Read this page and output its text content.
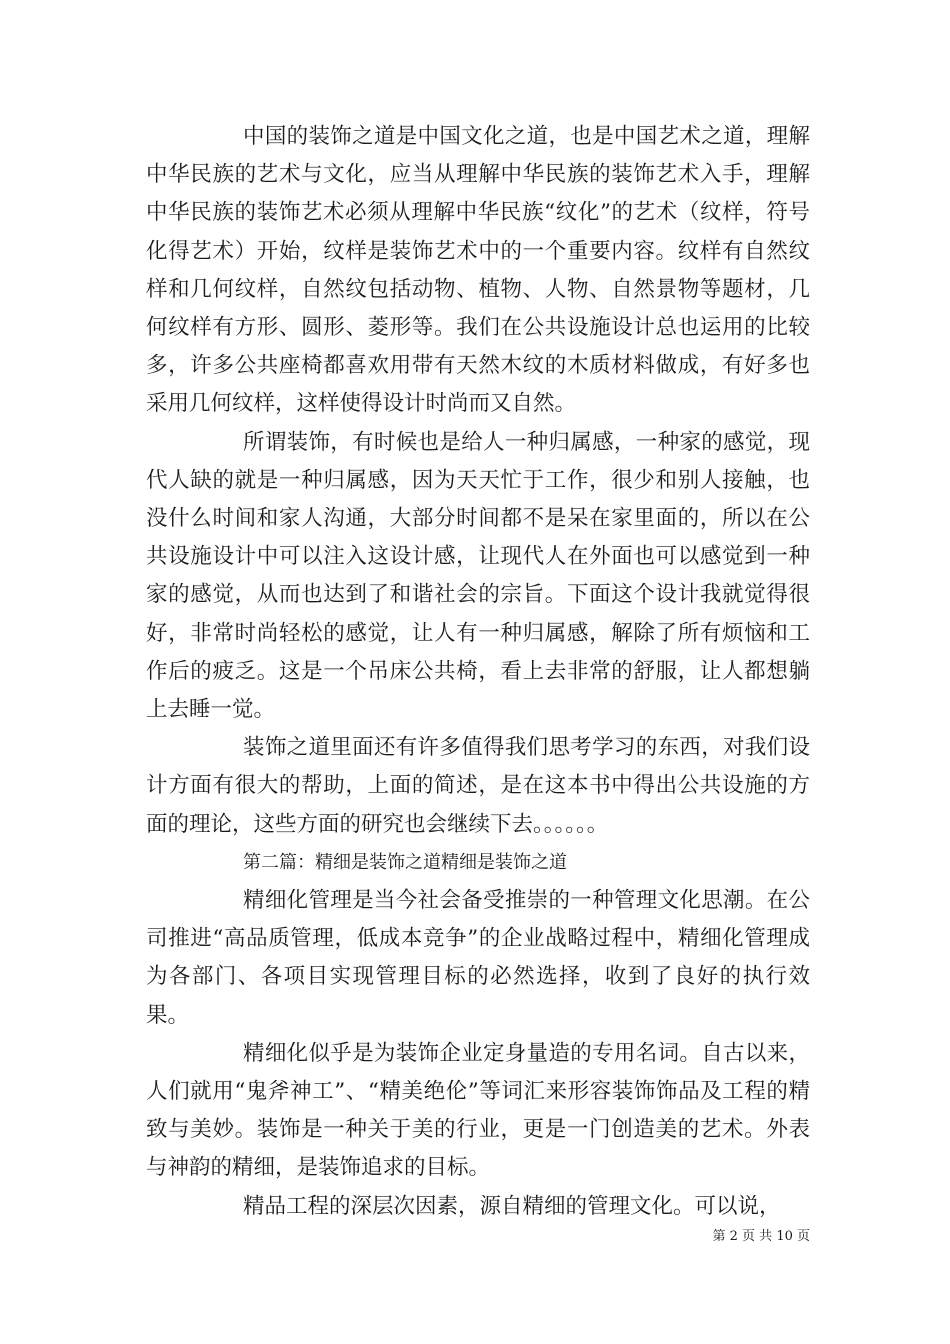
中国的装饰之道是中国文化之道，也是中国艺术之道，理解中华民族的艺术与文化，应当从理解中华民族的装饰艺术入手，理解中华民族的装饰艺术必须从理解中华民族“纹化”的艺术（纹样，符号化得艺术）开始，纹样是装饰艺术中的一个重要内容。纹样有自然纹样和几何纹样，自然纹包括动物、植物、人物、自然景物等题材，几何纹样有方形、圆形、菱形等。我们在公共设施设计总也运用的比较多，许多公共座椅都喜欢用带有天然木纹的木质材料做成，有好多也采用几何纹样，这样使得设计时尚而又自然。

所谓装饰，有时候也是给人一种归属感，一种家的感觉，现代人缺的就是一种归属感，因为天天忙于工作，很少和别人接触，也没什么时间和家人沟通，大部分时间都不是呆在家里面的，所以在公共设施设计中可以注入这设计感，让现代人在外面也可以感觉到一种家的感觉，从而也达到了和谐社会的宗旨。下面这个设计我就觉得很好，非常时尚轻松的感觉，让人有一种归属感，解除了所有烦恼和工作后的疲乏。这是一个吊床公共椅，看上去非常的舒服，让人都想躺上去睡一觉。

装饰之道里面还有许多值得我们思考学习的东西，对我们设计方面有很大的帮助，上面的简述，是在这本书中得出公共设施的方面的理论，这些方面的研究也会继续下去。。。。。。

第二篇：精细是装饰之道精细是装饰之道

精细化管理是当今社会备受推崇的一种管理文化思潮。在公司推进“高品质管理，低成本竞争”的企业战略过程中，精细化管理成为各部门、各项目实现管理目标的必然选择，收到了良好的执行效果。

精细化似乎是为装饰企业定身量造的专用名词。自古以来，人们就用“鬼斧神工”、“精美绝伦”等词汇来形容装饰饰品及工程的精致与美妙。装饰是一种关于美的行业，更是一门创造美的艺术。外表与神韵的精细，是装饰追求的目标。

精品工程的深层次因素，源自精细的管理文化。可以说，

第 2 页 共 10 页
